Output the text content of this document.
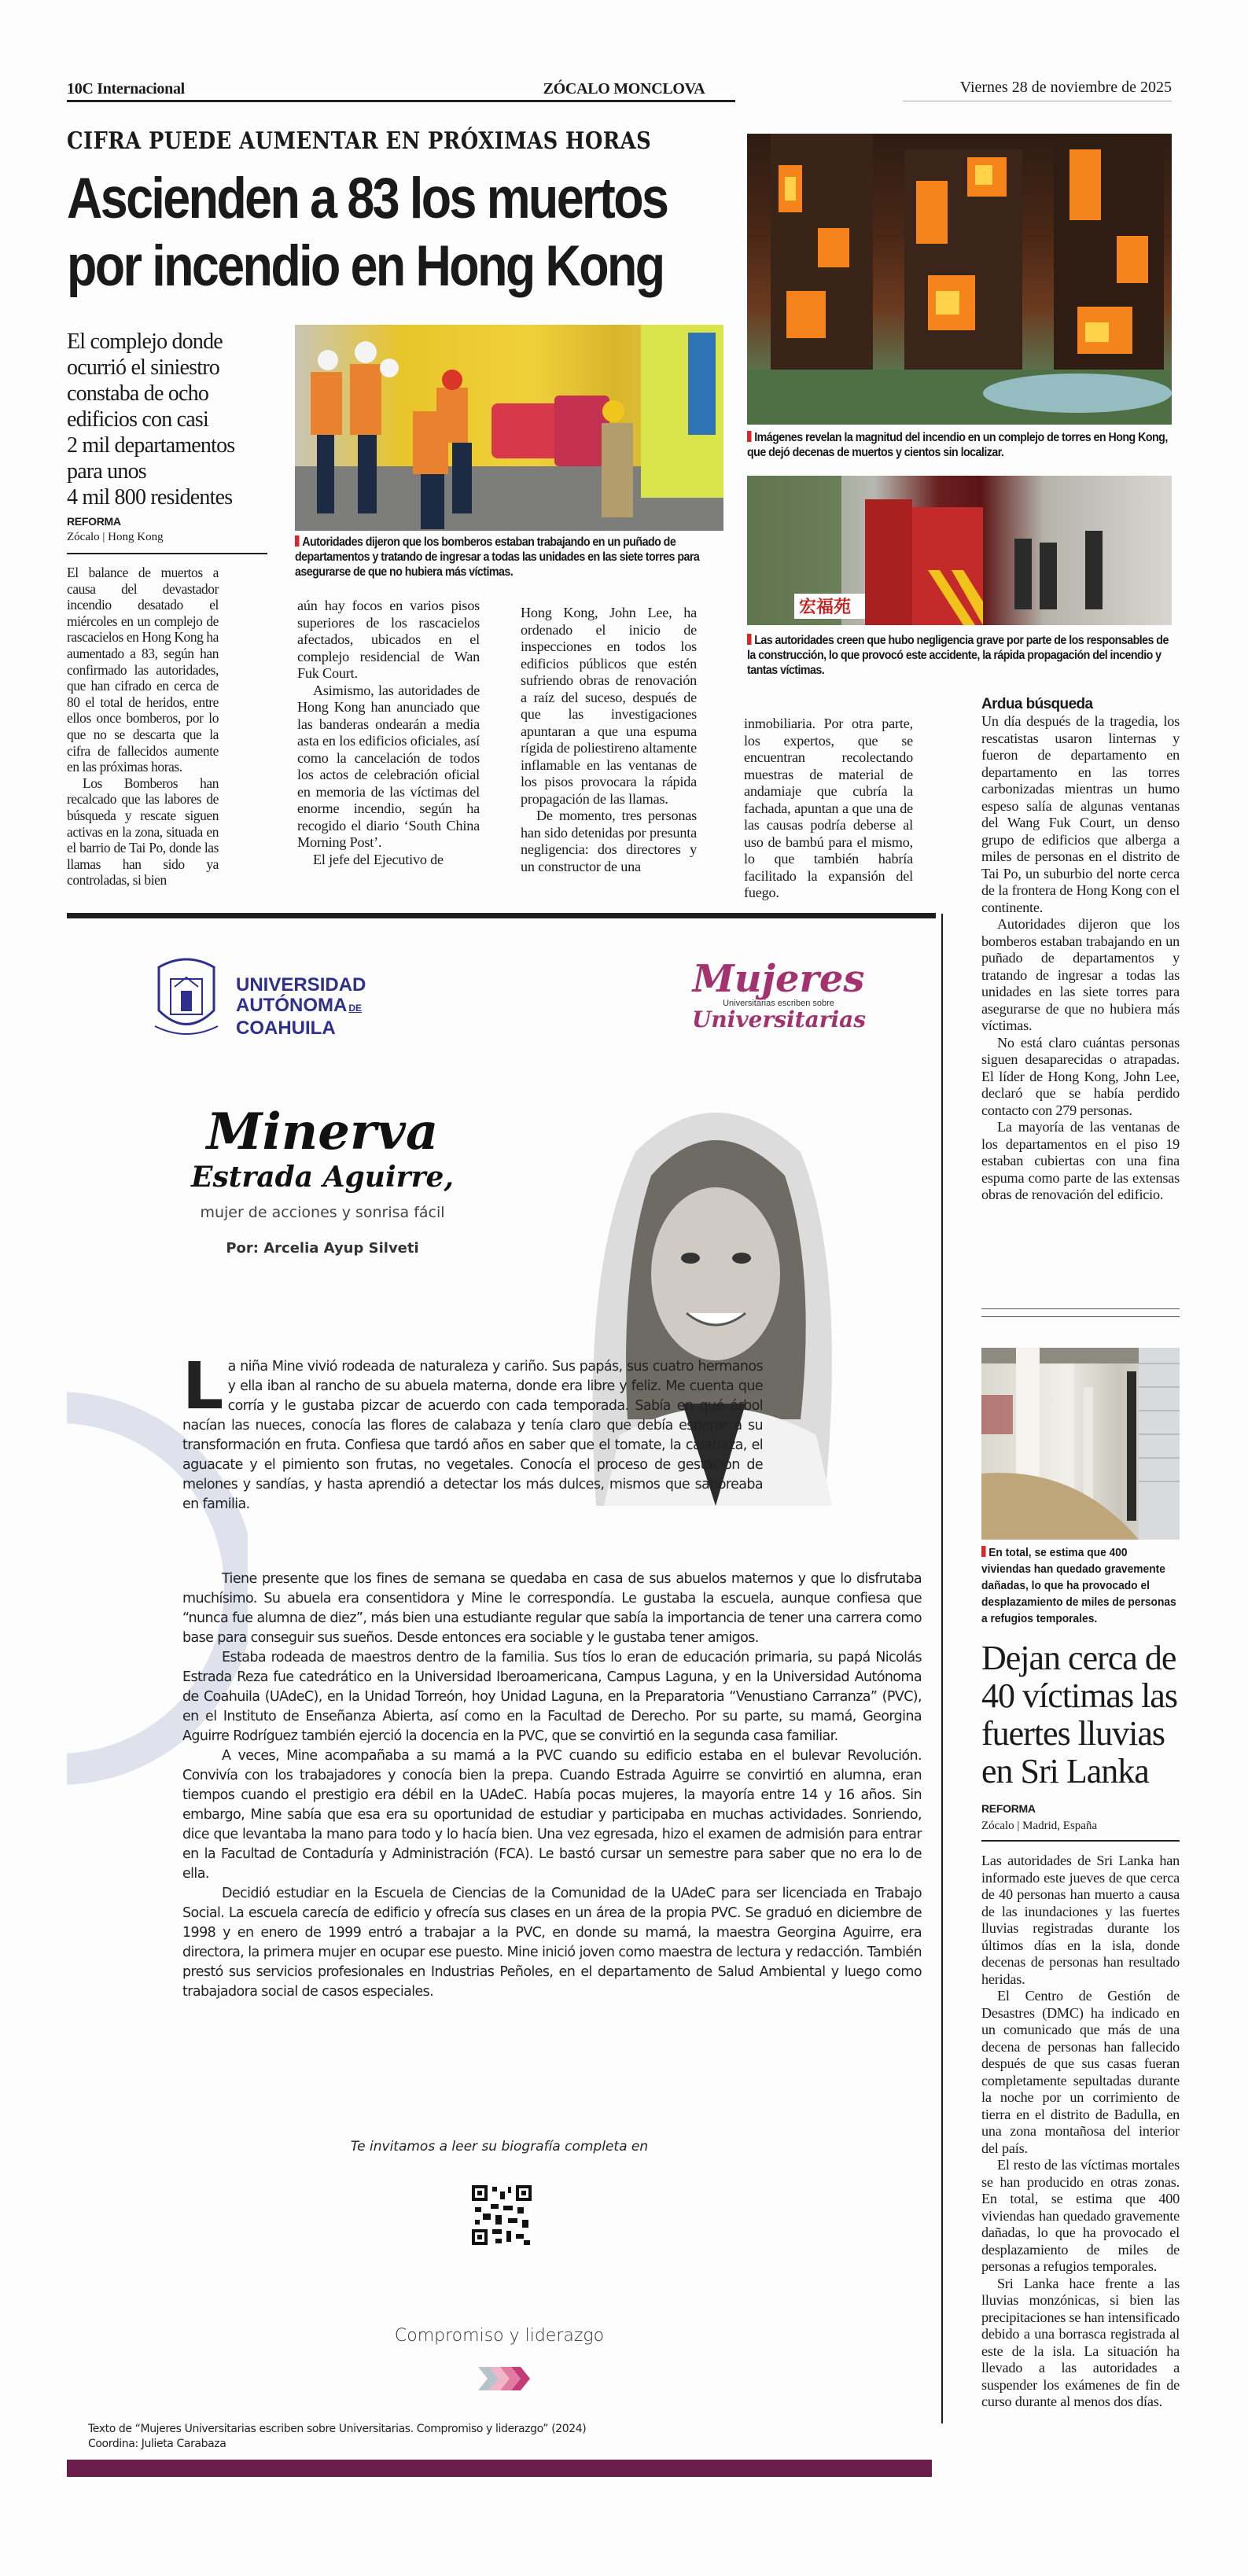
10C Internacional	ZÓCALO MONCLOVA	Viernes 28 de noviembre de 2025
CIFRA PUEDE AUMENTAR EN PRÓXIMAS HORAS
Ascienden a 83 los muertos
por incendio en Hong Kong
El complejo donde
ocurrió el siniestro
constaba de ocho
edificios con casi
2 mil departamentos
para unos
4 mil 800 residentes
REFORMA
Zócalo | Hong Kong	Autoridades dijeron que los bomberos estaban trabajando en un puñado de departamentos y tratando de ingresar a todas las unidades en las siete torres para asegurarse de que no hubiera más víctimas.
Imágenes revelan la magnitud del incendio en un complejo de torres en Hong Kong, que dejó decenas de muertos y cientos sin localizar.
宏福苑
Las autoridades creen que hubo negligencia grave por parte de los responsables de la construcción, lo que provocó este accidente, la rápida propagación del incendio y tantas víctimas.

El balance de muertos a causa del devastador incendio desatado el miércoles en un complejo de rascacielos en Hong Kong ha aumentado a 83, según han confirmado las autoridades, que han cifrado en cerca de 80 el total de heridos, entre ellos once bomberos, por lo que no se descarta que la cifra de fallecidos aumente en las próximas horas.

Los Bomberos han recalcado que las labores de búsqueda y rescate siguen activas en la zona, situada en el barrio de Tai Po, donde las llamas han sido ya controladas, si bien

aún hay focos en varios pisos superiores de los rascacielos afectados, ubicados en el complejo residencial de Wan Fuk Court.

Asimismo, las autoridades de Hong Kong han anunciado que las banderas ondearán a media asta en los edificios oficiales, así como la cancelación de todos los actos de celebración oficial en memoria de las víctimas del enorme incendio, según ha recogido el diario ‘South China Morning Post’.

El jefe del Ejecutivo de

Hong Kong, John Lee, ha ordenado el inicio de inspecciones en todos los edificios públicos que estén sufriendo obras de renovación a raíz del suceso, después de que las investigaciones apuntaran a que una espuma rígida de poliestireno altamente inflamable en las ventanas de los pisos provocara la rápida propagación de las llamas.

De momento, tres personas han sido detenidas por presunta negligencia: dos directores y un constructor de una

inmobiliaria. Por otra parte, los expertos, que se encuentran recolectando muestras de material de andamiaje que cubría la fachada, apuntan a que una de las causas podría deberse al uso de bambú para el mismo, lo que también habría facilitado la expansión del fuego.

Ardua búsqueda

Un día después de la tragedia, los rescatistas usaron linternas y fueron de departamento en departamento en las torres carbonizadas mientras un humo espeso salía de algunas ventanas del Wang Fuk Court, un denso grupo de edificios que alberga a miles de personas en el distrito de Tai Po, un suburbio del norte cerca de la frontera de Hong Kong con el continente.

Autoridades dijeron que los bomberos estaban trabajando en un puñado de departamentos y tratando de ingresar a todas las unidades en las siete torres para asegurarse de que no hubiera más víctimas.

No está claro cuántas personas siguen desaparecidas o atrapadas. El líder de Hong Kong, John Lee, declaró que se había perdido contacto con 279 personas.

La mayoría de las ventanas de los departamentos en el piso 19 estaban cubiertas con una fina espuma como parte de las extensas obras de renovación del edificio.

UNIVERSIDAD
AUTÓNOMA DE
COAHUILA
Mujeres
Universitarias escriben sobre
Universitarias
Minerva
Estrada Aguirre,
mujer de acciones y sonrisa fácil
Por: Arcelia Ayup Silveti

La niña Mine vivió rodeada de naturaleza y cariño. Sus papás, sus cuatro hermanos y ella iban al rancho de su abuela materna, donde era libre y feliz. Me cuenta que corría y le gustaba pizcar de acuerdo con cada temporada. Sabía en qué árbol nacían las nueces, conocía las flores de calabaza y tenía claro que debía esperar a su transformación en fruta. Confiesa que tardó años en saber que el tomate, la calabaza, el aguacate y el pimiento son frutas, no vegetales. Conocía el proceso de gestación de melones y sandías, y hasta aprendió a detectar los más dulces, mismos que saboreaba en familia.

Tiene presente que los fines de semana se quedaba en casa de sus abuelos maternos y que lo disfrutaba muchísimo. Su abuela era consentidora y Mine le correspondía. Le gustaba la escuela, aunque confiesa que “nunca fue alumna de diez”, más bien una estudiante regular que sabía la importancia de tener una carrera como base para conseguir sus sueños. Desde entonces era sociable y le gustaba tener amigos.

Estaba rodeada de maestros dentro de la familia. Sus tíos lo eran de educación primaria, su papá Nicolás Estrada Reza fue catedrático en la Universidad Iberoamericana, Campus Laguna, y en la Universidad Autónoma de Coahuila (UAdeC), en la Unidad Torreón, hoy Unidad Laguna, en la Preparatoria “Venustiano Carranza” (PVC), en el Instituto de Enseñanza Abierta, así como en la Facultad de Derecho. Por su parte, su mamá, Georgina Aguirre Rodríguez también ejerció la docencia en la PVC, que se convirtió en la segunda casa familiar.

A veces, Mine acompañaba a su mamá a la PVC cuando su edificio estaba en el bulevar Revolución. Convivía con los trabajadores y conocía bien la prepa. Cuando Estrada Aguirre se convirtió en alumna, eran tiempos cuando el prestigio era débil en la UAdeC. Había pocas mujeres, la mayoría entre 14 y 16 años. Sin embargo, Mine sabía que esa era su oportunidad de estudiar y participaba en muchas actividades. Sonriendo, dice que levantaba la mano para todo y lo hacía bien. Una vez egresada, hizo el examen de admisión para entrar en la Facultad de Contaduría y Administración (FCA). Le bastó cursar un semestre para saber que no era lo de ella.

Decidió estudiar en la Escuela de Ciencias de la Comunidad de la UAdeC para ser licenciada en Trabajo Social. La escuela carecía de edificio y ofrecía sus clases en un área de la propia PVC. Se graduó en diciembre de 1998 y en enero de 1999 entró a trabajar a la PVC, en donde su mamá, la maestra Georgina Aguirre, era directora, la primera mujer en ocupar ese puesto. Mine inició joven como maestra de lectura y redacción. También prestó sus servicios profesionales en Industrias Peñoles, en el departamento de Salud Ambiental y luego como trabajadora social de casos especiales.

Te invitamos a leer su biografía completa en
Compromiso y liderazgo
Texto de “Mujeres Universitarias escriben sobre Universitarias. Compromiso y liderazgo” (2024)
Coordina: Julieta Carabaza
En total, se estima que 400 viviendas han quedado gravemente dañadas, lo que ha provocado el desplazamiento de miles de personas a refugios temporales.
Dejan cerca de 40 víctimas las fuertes lluvias en Sri Lanka
REFORMA
Zócalo | Madrid, España

Las autoridades de Sri Lanka han informado este jueves de que cerca de 40 personas han muerto a causa de las inundaciones y las fuertes lluvias registradas durante los últimos días en la isla, donde decenas de personas han resultado heridas.

El Centro de Gestión de Desastres (DMC) ha indicado en un comunicado que más de una decena de personas han fallecido después de que sus casas fueran completamente sepultadas durante la noche por un corrimiento de tierra en el distrito de Badulla, en una zona montañosa del interior del país.

El resto de las víctimas mortales se han producido en otras zonas. En total, se estima que 400 viviendas han quedado gravemente dañadas, lo que ha provocado el desplazamiento de miles de personas a refugios temporales.

Sri Lanka hace frente a las lluvias monzónicas, si bien las precipitaciones se han intensificado debido a una borrasca registrada al este de la isla. La situación ha llevado a las autoridades a suspender los exámenes de fin de curso durante al menos dos días.
